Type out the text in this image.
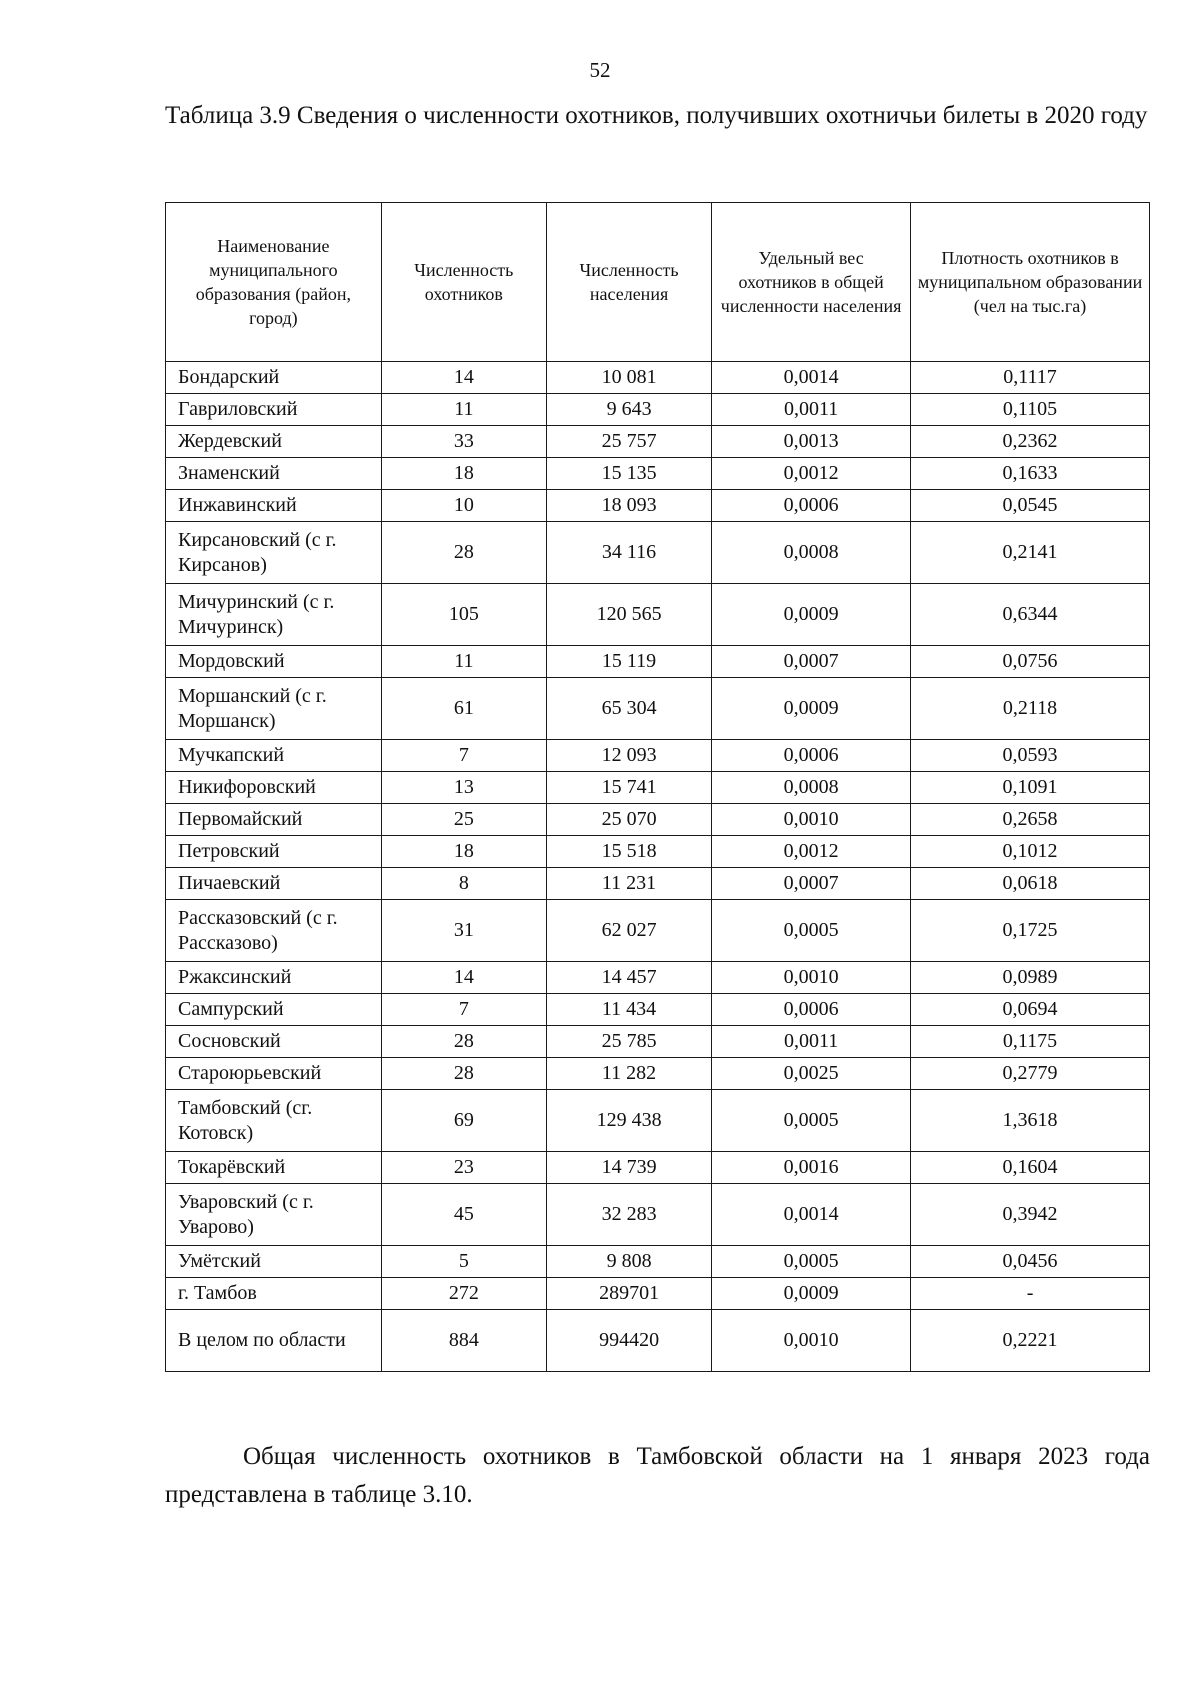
52
Таблица 3.9 Сведения о численности охотников, получивших охотничьи билеты в 2020 году
Наименование муниципального образования (район, город)	Численность охотников	Численность населения	Удельный вес охотников в общей численности населения	Плотность охотников в муниципальном образовании (чел на тыс.га)
Бондарский	14	10 081	0,0014	0,1117
Гавриловский	11	9 643	0,0011	0,1105
Жердевский	33	25 757	0,0013	0,2362
Знаменский	18	15 135	0,0012	0,1633
Инжавинский	10	18 093	0,0006	0,0545
Кирсановский (с г. Кирсанов)	28	34 116	0,0008	0,2141
Мичуринский (с г. Мичуринск)	105	120 565	0,0009	0,6344
Мордовский	11	15 119	0,0007	0,0756
Моршанский (с г. Моршанск)	61	65 304	0,0009	0,2118
Мучкапский	7	12 093	0,0006	0,0593
Никифоровский	13	15 741	0,0008	0,1091
Первомайский	25	25 070	0,0010	0,2658
Петровский	18	15 518	0,0012	0,1012
Пичаевский	8	11 231	0,0007	0,0618
Рассказовский (с г. Рассказово)	31	62 027	0,0005	0,1725
Ржаксинский	14	14 457	0,0010	0,0989
Сампурский	7	11 434	0,0006	0,0694
Сосновский	28	25 785	0,0011	0,1175
Староюрьевский	28	11 282	0,0025	0,2779
Тамбовский (сг. Котовск)	69	129 438	0,0005	1,3618
Токарёвский	23	14 739	0,0016	0,1604
Уваровский (с г. Уварово)	45	32 283	0,0014	0,3942
Умётский	5	9 808	0,0005	0,0456
г. Тамбов	272	289701	0,0009	-
В целом по области	884	994420	0,0010	0,2221
Общая численность охотников в Тамбовской области на 1 января 2023 года представлена в таблице 3.10.
